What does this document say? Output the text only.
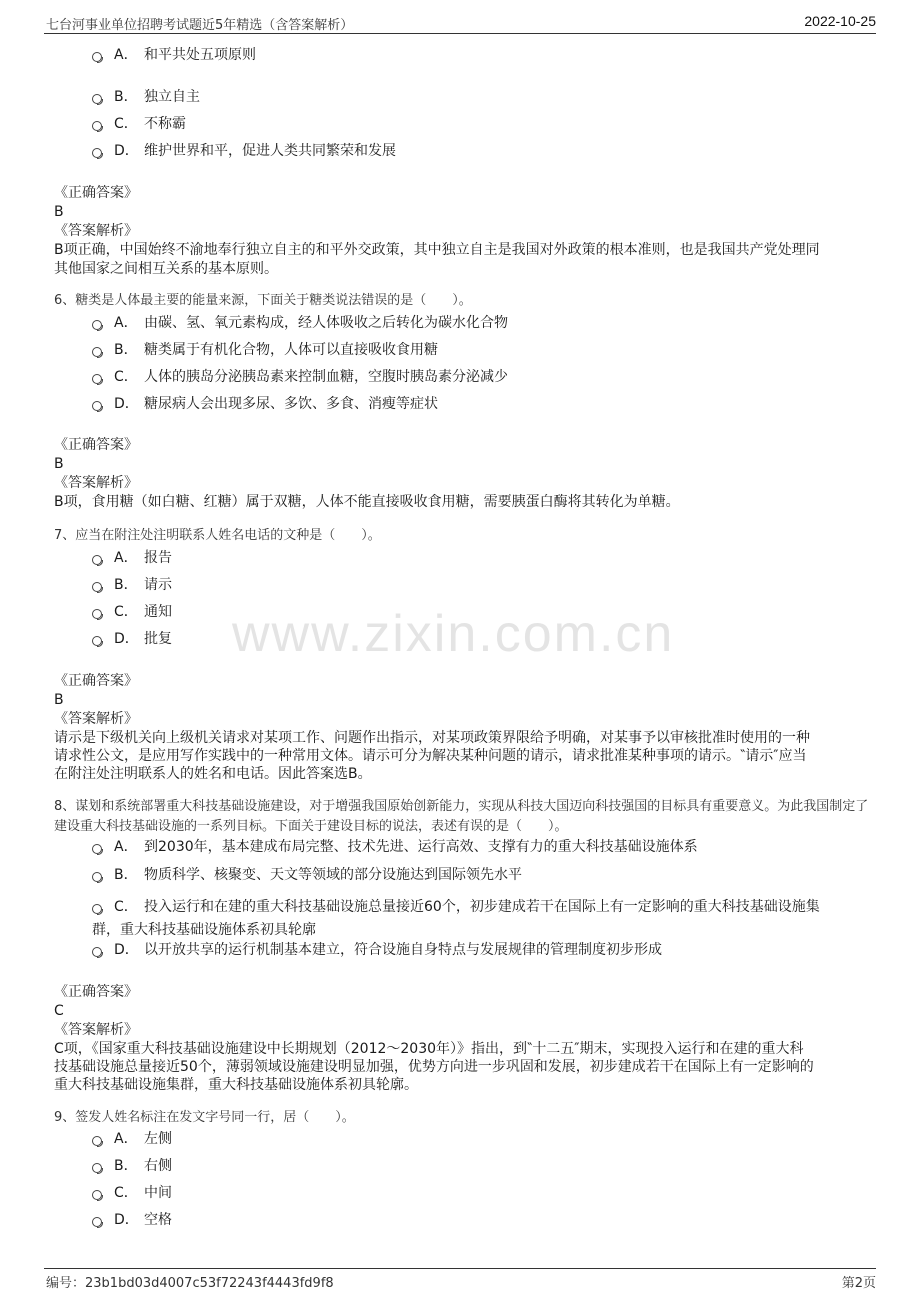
七台河事业单位招聘考试题近5年精选（含答案解析）	2022-10-25
www.zixin.com.cn
A． 和平共处五项原则
B． 独立自主
C． 不称霸
D． 维护世界和平，促进人类共同繁荣和发展
《正确答案》
B
《答案解析》
B项正确，中国始终不渝地奉行独立自主的和平外交政策，其中独立自主是我国对外政策的根本准则，也是我国共产党处理同
其他国家之间相互关系的基本原则。
6、糖类是人体最主要的能量来源，下面关于糖类说法错误的是（　　）。
A． 由碳、氢、氧元素构成，经人体吸收之后转化为碳水化合物
B． 糖类属于有机化合物，人体可以直接吸收食用糖
C． 人体的胰岛分泌胰岛素来控制血糖，空腹时胰岛素分泌减少
D． 糖尿病人会出现多尿、多饮、多食、消瘦等症状
《正确答案》
B
《答案解析》
B项，食用糖（如白糖、红糖）属于双糖，人体不能直接吸收食用糖，需要胰蛋白酶将其转化为单糖。
7、应当在附注处注明联系人姓名电话的文种是（　　）。
A． 报告
B． 请示
C． 通知
D． 批复
《正确答案》
B
《答案解析》
请示是下级机关向上级机关请求对某项工作、问题作出指示，对某项政策界限给予明确，对某事予以审核批准时使用的一种
请求性公文，是应用写作实践中的一种常用文体。请示可分为解决某种问题的请示，请求批准某种事项的请示。‶请示″应当
在附注处注明联系人的姓名和电话。因此答案选B。
8、谋划和系统部署重大科技基础设施建设，对于增强我国原始创新能力，实现从科技大国迈向科技强国的目标具有重要意义。为此我国制定了
建设重大科技基础设施的一系列目标。下面关于建设目标的说法，表述有误的是（　　）。
A． 到2030年，基本建成布局完整、技术先进、运行高效、支撑有力的重大科技基础设施体系
B． 物质科学、核聚变、天文等领域的部分设施达到国际领先水平
C． 投入运行和在建的重大科技基础设施总量接近60个，初步建成若干在国际上有一定影响的重大科技基础设施集
群，重大科技基础设施体系初具轮廓
D． 以开放共享的运行机制基本建立，符合设施自身特点与发展规律的管理制度初步形成
《正确答案》
C
《答案解析》
C项，《国家重大科技基础设施建设中长期规划（2012～2030年）》指出，到‶十二五″期末，实现投入运行和在建的重大科
技基础设施总量接近50个，薄弱领域设施建设明显加强，优势方向进一步巩固和发展，初步建成若干在国际上有一定影响的
重大科技基础设施集群，重大科技基础设施体系初具轮廓。
9、签发人姓名标注在发文字号同一行，居（　　）。
A． 左侧
B． 右侧
C． 中间
D． 空格
编号：23b1bd03d4007c53f72243f4443fd9f8	第2页
